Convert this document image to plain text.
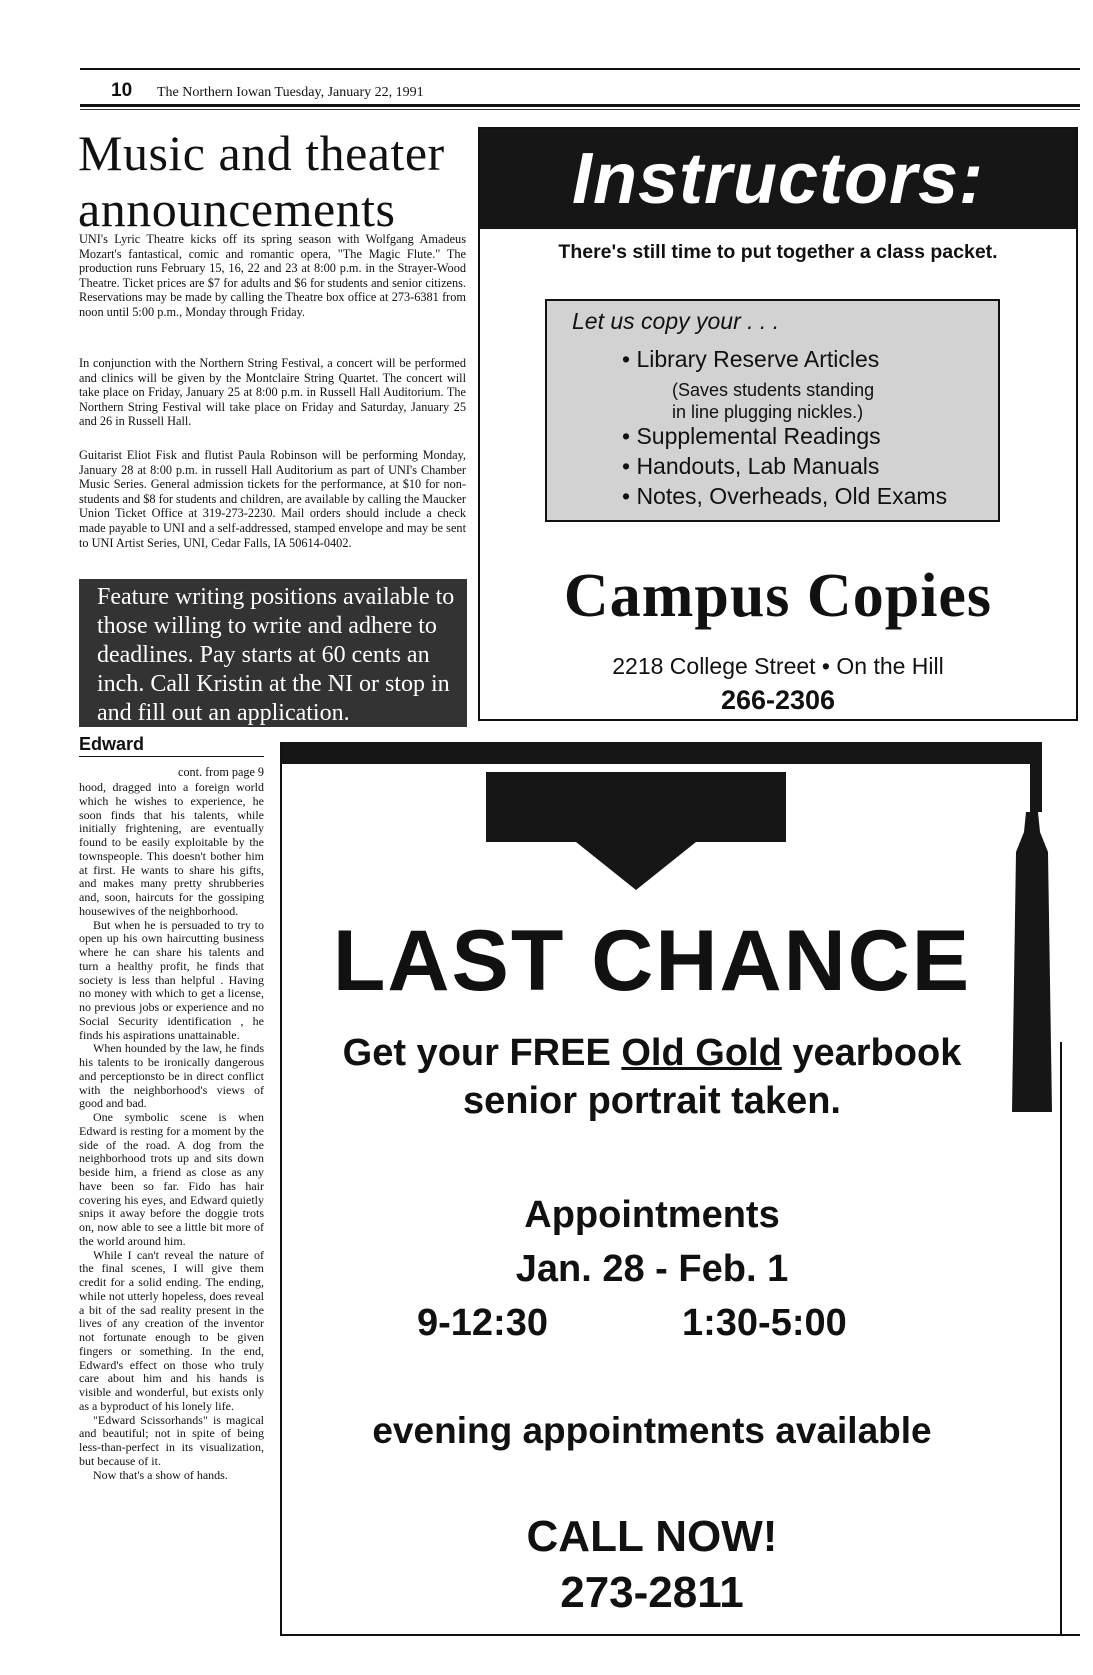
10 The Northern Iowan Tuesday, January 22, 1991
Music and theater announcements
UNI's Lyric Theatre kicks off its spring season with Wolfgang Amadeus Mozart's fantastical, comic and romantic opera, "The Magic Flute." The production runs February 15, 16, 22 and 23 at 8:00 p.m. in the Strayer-Wood Theatre. Ticket prices are $7 for adults and $6 for students and senior citizens. Reservations may be made by calling the Theatre box office at 273-6381 from noon until 5:00 p.m., Monday through Friday.
In conjunction with the Northern String Festival, a concert will be performed and clinics will be given by the Montclaire String Quartet. The concert will take place on Friday, January 25 at 8:00 p.m. in Russell Hall Auditorium. The Northern String Festival will take place on Friday and Saturday, January 25 and 26 in Russell Hall.
Guitarist Eliot Fisk and flutist Paula Robinson will be performing Monday, January 28 at 8:00 p.m. in russell Hall Auditorium as part of UNI's Chamber Music Series. General admission tickets for the performance, at $10 for non-students and $8 for students and children, are available by calling the Maucker Union Ticket Office at 319-273-2230. Mail orders should include a check made payable to UNI and a self-addressed, stamped envelope and may be sent to UNI Artist Series, UNI, Cedar Falls, IA 50614-0402.
Feature writing positions available to those willing to write and adhere to deadlines. Pay starts at 60 cents an inch. Call Kristin at the NI or stop in and fill out an application.
Edward
cont. from page 9

hood, dragged into a foreign world which he wishes to experience, he soon finds that his talents, while initially frightening, are eventually found to be easily exploitable by the townspeople. This doesn't bother him at first. He wants to share his gifts, and makes many pretty shrubberies and, soon, haircuts for the gossiping housewives of the neighborhood.

But when he is persuaded to try to open up his own haircutting business where he can share his talents and turn a healthy profit, he finds that society is less than helpful . Having no money with which to get a license, no previous jobs or experience and no Social Security identification , he finds his aspirations unattainable.

When hounded by the law, he finds his talents to be ironically dangerous and perceptionsto be in direct conflict with the neighborhood's views of good and bad.

One symbolic scene is when Edward is resting for a moment by the side of the road. A dog from the neighborhood trots up and sits down beside him, a friend as close as any have been so far. Fido has hair covering his eyes, and Edward quietly snips it away before the doggie trots on, now able to see a little bit more of the world around him.

While I can't reveal the nature of the final scenes, I will give them credit for a solid ending. The ending, while not utterly hopeless, does reveal a bit of the sad reality present in the lives of any creation of the inventor not fortunate enough to be given fingers or something. In the end, Edward's effect on those who truly care about him and his hands is visible and wonderful, but exists only as a byproduct of his lonely life.

"Edward Scissorhands" is magical and beautiful; not in spite of being less-than-perfect in its visualization, but because of it.

Now that's a show of hands.

Instructors:
There's still time to put together a class packet.
Let us copy your . . .
• Library Reserve Articles
(Saves students standing
in line plugging nickles.)
• Supplemental Readings
• Handouts, Lab Manuals
• Notes, Overheads, Old Exams
Campus Copies
2218 College Street • On the Hill
266-2306
LAST CHANCE
Get your FREE Old Gold yearbook
senior portrait taken.
Appointments
Jan. 28 - Feb. 1
9-12:30	1:30-5:00
evening appointments available
CALL NOW!
273-2811
